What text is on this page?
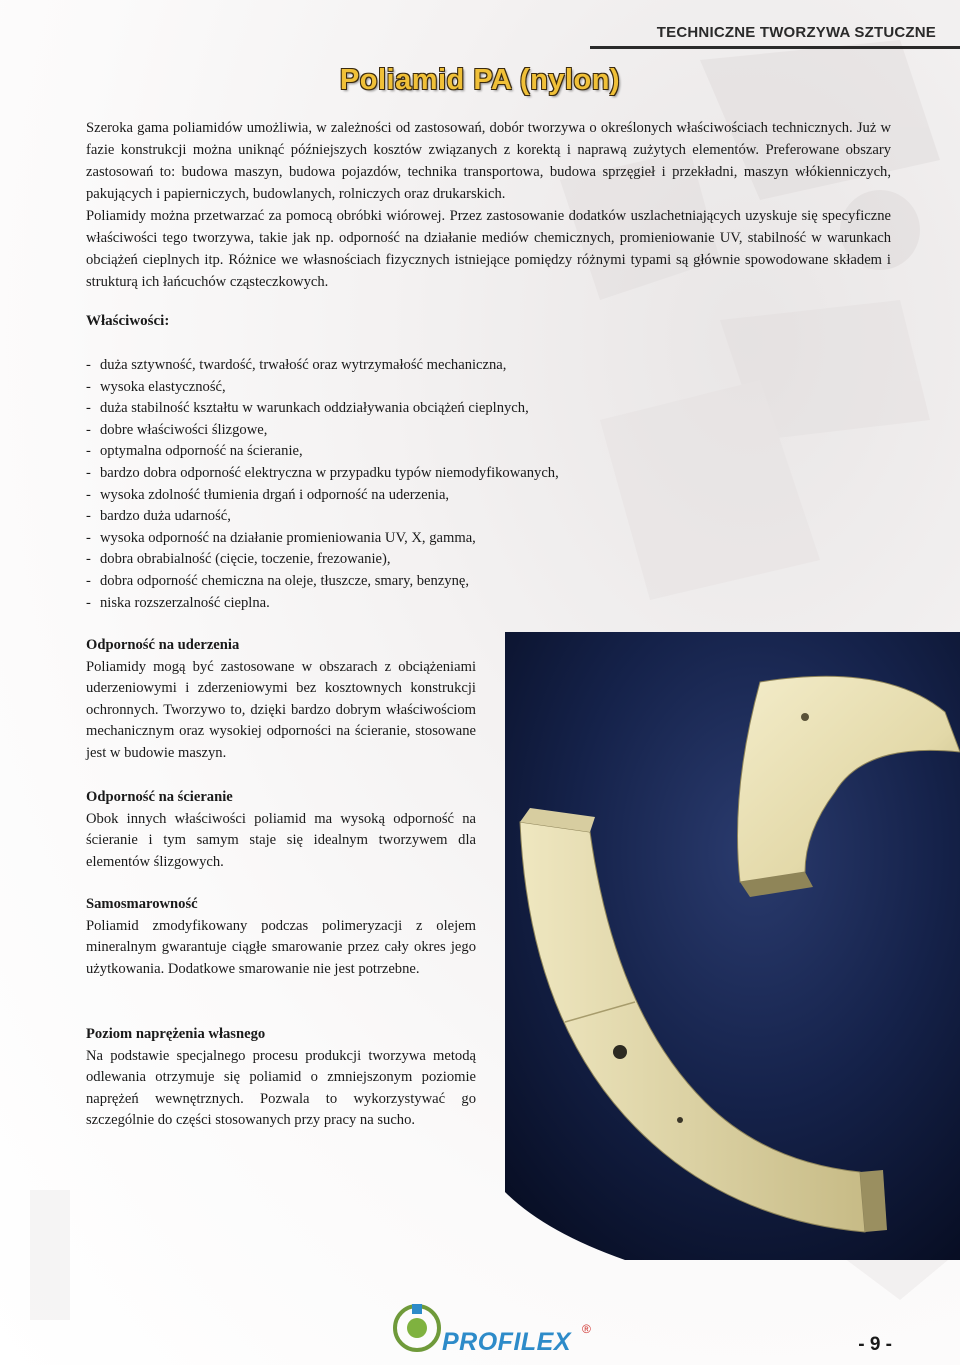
TECHNICZNE TWORZYWA SZTUCZNE
Poliamid PA (nylon)

Szeroka gama poliamidów umożliwia, w zależności od zastosowań, dobór tworzywa o określonych właściwościach technicznych. Już w fazie konstrukcji można uniknąć późniejszych kosztów związanych z korektą i naprawą zużytych elementów. Preferowane obszary zastosowań to: budowa maszyn, budowa pojazdów, technika transportowa, budowa sprzęgieł i przekładni, maszyn włókienniczych, pakujących i papierniczych, budowlanych, rolniczych oraz drukarskich.

Poliamidy można przetwarzać za pomocą obróbki wiórowej. Przez zastosowanie dodatków uszlachetniających uzyskuje się specyficzne właściwości tego tworzywa, takie jak np. odporność na działanie mediów chemicznych, promieniowanie UV, stabilność w warunkach obciążeń cieplnych itp. Różnice we własnościach fizycznych istniejące pomiędzy różnymi typami są głównie spowodowane składem i strukturą ich łańcuchów cząsteczkowych.

Właściwości:
- duża sztywność, twardość, trwałość oraz wytrzymałość mechaniczna,
- wysoka elastyczność,
- duża stabilność kształtu w warunkach oddziaływania obciążeń cieplnych,
- dobre właściwości ślizgowe,
- optymalna odporność na ścieranie,
- bardzo dobra odporność elektryczna w przypadku typów niemodyfikowanych,
- wysoka zdolność tłumienia drgań i odporność na uderzenia,
- bardzo duża udarność,
- wysoka odporność na działanie promieniowania UV, X, gamma,
- dobra obrabialność (cięcie, toczenie, frezowanie),
- dobra odporność chemiczna na oleje, tłuszcze, smary, benzynę,
- niska rozszerzalność cieplna.
Odporność na uderzenia

Poliamidy mogą być zastosowane w obszarach z obciążeniami uderzeniowymi i zderzeniowymi bez kosztownych konstrukcji ochronnych. Tworzywo to, dzięki bardzo dobrym właściwościom mechanicznym oraz wysokiej odporności na ścieranie, stosowane jest w budowie maszyn.

Odporność na ścieranie

Obok innych właściwości poliamid ma wysoką odporność na ścieranie i tym samym staje się idealnym tworzywem dla elementów ślizgowych.

Samosmarowność

Poliamid zmodyfikowany podczas polimeryzacji z olejem mineralnym gwarantuje ciągłe smarowanie przez cały okres jego użytkowania. Dodatkowe smarowanie nie jest potrzebne.

Poziom naprężenia własnego

Na podstawie specjalnego procesu produkcji tworzywa metodą odlewania otrzymuje się poliamid o zmniejszonym poziomie naprężeń wewnętrznych. Pozwala to wykorzystywać go szczególnie do części stosowanych przy pracy na sucho.

PROFILEX ®
- 9 -
